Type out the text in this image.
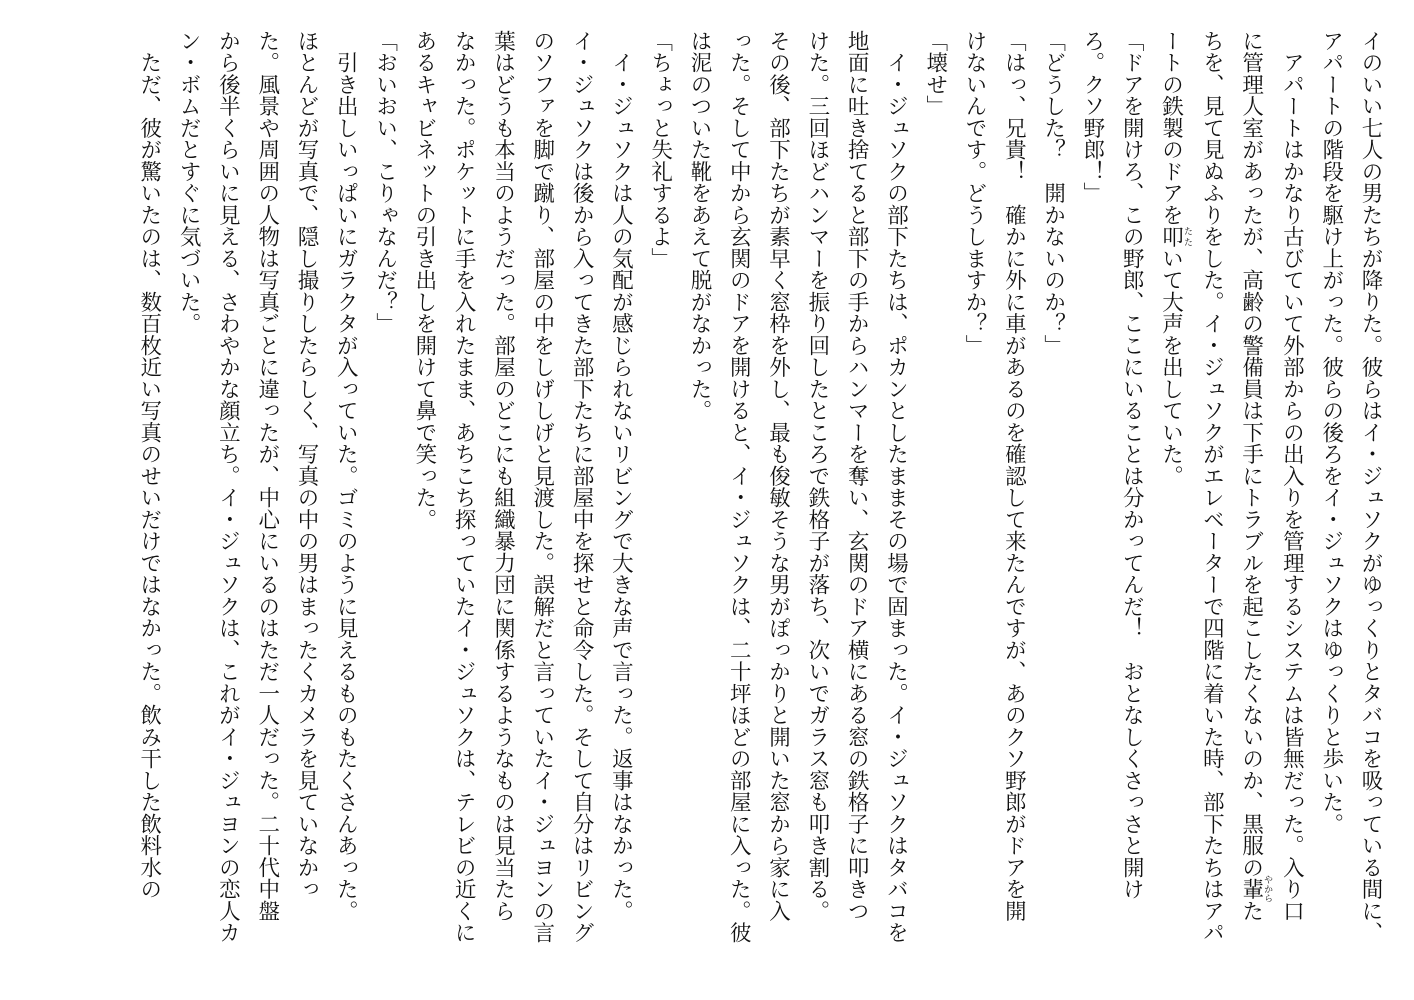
イのいい七人の男たちが降りた。彼らはイ・ジュソクがゆっくりとタバコを吸っている間に、

アパートの階段を駆け上がった。彼らの後ろをイ・ジュソクはゆっくりと歩いた。

　アパートはかなり古びていて外部からの出入りを管理するシステムは皆無だった。入り口

に管理人室があったが、高齢の警備員は下手にトラブルを起こしたくないのか、黒服の輩やからた

ちを、見て見ぬふりをした。イ・ジュソクがエレベーターで四階に着いた時、部下たちはアパ

ートの鉄製のドアを叩たたいて大声を出していた。

「ドアを開けろ、この野郎、ここにいることは分かってんだ！　おとなしくさっさと開け

ろ。クソ野郎！」

「どうした？　開かないのか？」

「はっ、兄貴！　確かに外に車があるのを確認して来たんですが、あのクソ野郎がドアを開

けないんです。どうしますか？」

「壊せ」

　イ・ジュソクの部下たちは、ポカンとしたままその場で固まった。イ・ジュソクはタバコを

地面に吐き捨てると部下の手からハンマーを奪い、玄関のドア横にある窓の鉄格子に叩きつ

けた。三回ほどハンマーを振り回したところで鉄格子が落ち、次いでガラス窓も叩き割る。

その後、部下たちが素早く窓枠を外し、最も俊敏そうな男がぽっかりと開いた窓から家に入

った。そして中から玄関のドアを開けると、イ・ジュソクは、二十坪ほどの部屋に入った。彼

は泥のついた靴をあえて脱がなかった。

「ちょっと失礼するよ」

　イ・ジュソクは人の気配が感じられないリビングで大きな声で言った。返事はなかった。

イ・ジュソクは後から入ってきた部下たちに部屋中を探せと命令した。そして自分はリビング

のソファを脚で蹴り、部屋の中をしげしげと見渡した。誤解だと言っていたイ・ジュヨンの言

葉はどうも本当のようだった。部屋のどこにも組織暴力団に関係するようなものは見当たら

なかった。ポケットに手を入れたまま、あちこち探っていたイ・ジュソクは、テレビの近くに

あるキャビネットの引き出しを開けて鼻で笑った。

「おいおい、こりゃなんだ？」

　引き出しいっぱいにガラクタが入っていた。ゴミのように見えるものもたくさんあった。

ほとんどが写真で、隠し撮りしたらしく、写真の中の男はまったくカメラを見ていなかっ

た。風景や周囲の人物は写真ごとに違ったが、中心にいるのはただ一人だった。二十代中盤

から後半くらいに見える、さわやかな顔立ち。イ・ジュソクは、これがイ・ジュヨンの恋人カ

ン・ボムだとすぐに気づいた。

　ただ、彼が驚いたのは、数百枚近い写真のせいだけではなかった。飲み干した飲料水の
